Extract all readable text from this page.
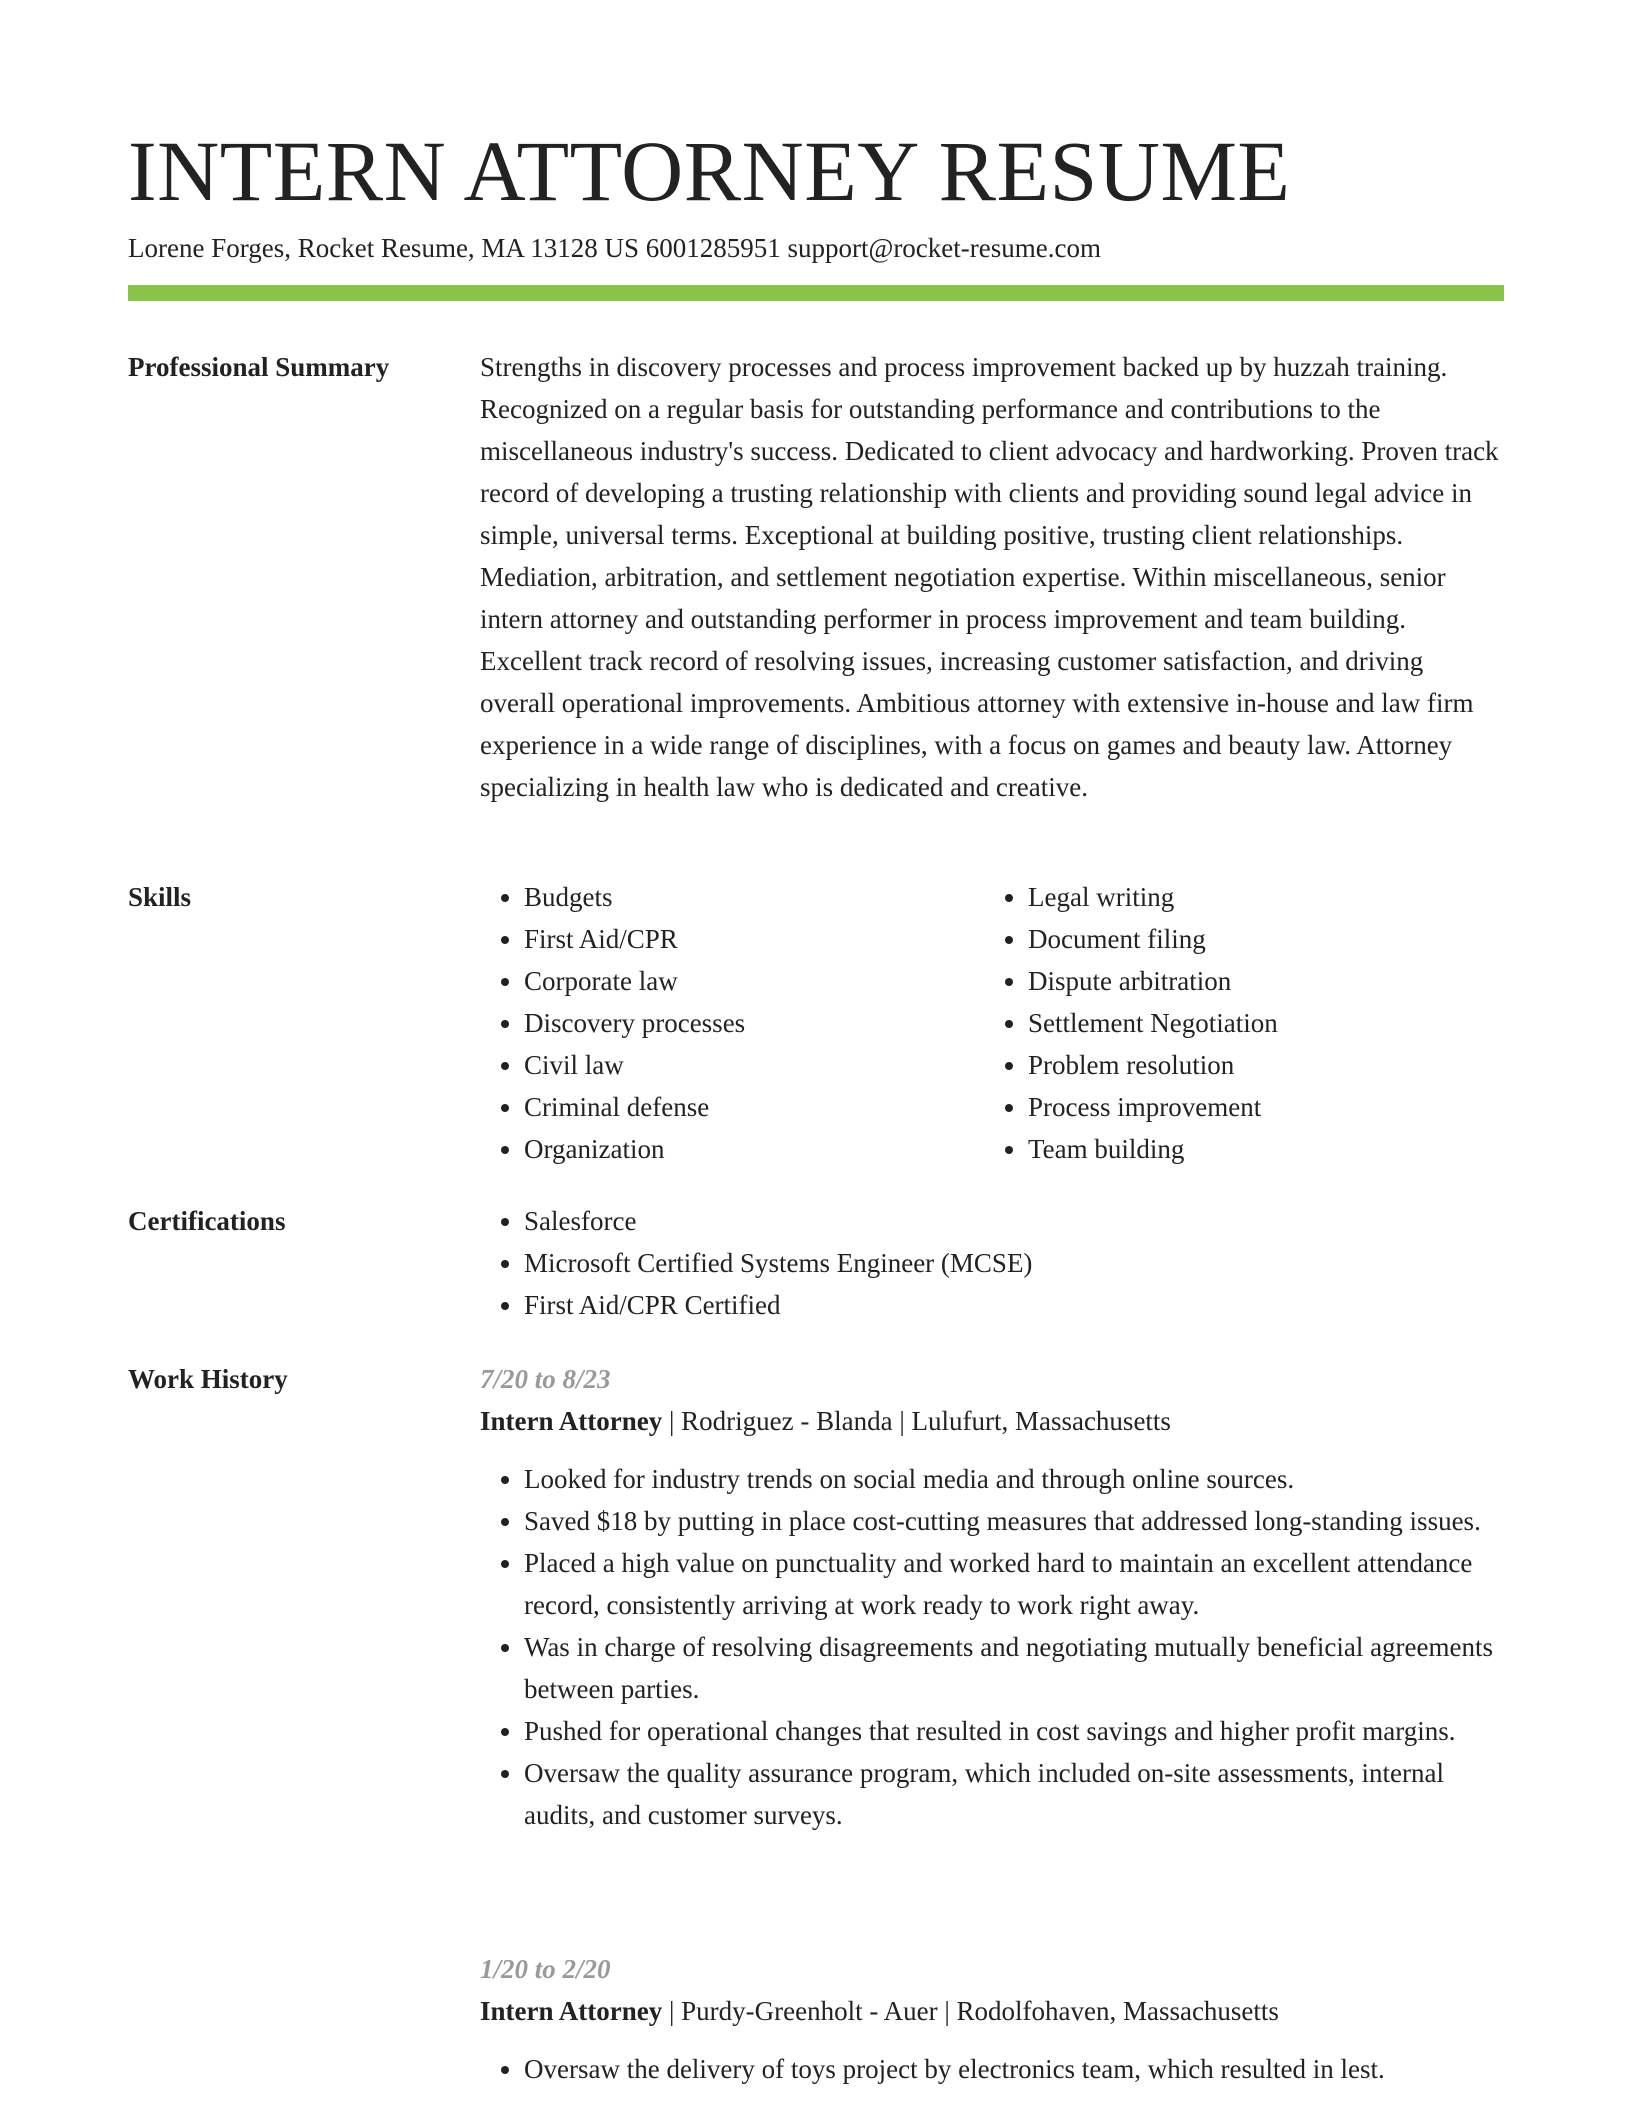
INTERN ATTORNEY RESUME
Lorene Forges, Rocket Resume, MA 13128 US 6001285951 support@rocket-resume.com
Professional Summary	Strengths in discovery processes and process improvement backed up by huzzah training. Recognized on a regular basis for outstanding performance and contributions to the miscellaneous industry's success. Dedicated to client advocacy and hardworking. Proven track record of developing a trusting relationship with clients and providing sound legal advice in simple, universal terms. Exceptional at building positive, trusting client relationships. Mediation, arbitration, and settlement negotiation expertise. Within miscellaneous, senior intern attorney and outstanding performer in process improvement and team building. Excellent track record of resolving issues, increasing customer satisfaction, and driving overall operational improvements. Ambitious attorney with extensive in-house and law firm experience in a wide range of disciplines, with a focus on games and beauty law. Attorney specializing in health law who is dedicated and creative.

Skills	• Budgets
• First Aid/CPR
• Corporate law
• Discovery processes
• Civil law
• Criminal defense
• Organization
• Legal writing
• Document filing
• Dispute arbitration
• Settlement Negotiation
• Problem resolution
• Process improvement
• Team building
Certifications	• Salesforce
• Microsoft Certified Systems Engineer (MCSE)
• First Aid/CPR Certified
Work History	7/20 to 8/23
Intern Attorney | Rodriguez - Blanda | Lulufurt, Massachusetts
• Looked for industry trends on social media and through online sources.
• Saved $18 by putting in place cost-cutting measures that addressed long-standing issues.
• Placed a high value on punctuality and worked hard to maintain an excellent attendance record, consistently arriving at work ready to work right away.
• Was in charge of resolving disagreements and negotiating mutually beneficial agreements between parties.
• Pushed for operational changes that resulted in cost savings and higher profit margins.
• Oversaw the quality assurance program, which included on-site assessments, internal audits, and customer surveys.
1/20 to 2/20
Intern Attorney | Purdy-Greenholt - Auer | Rodolfohaven, Massachusetts
• Oversaw the delivery of toys project by electronics team, which resulted in lest.
